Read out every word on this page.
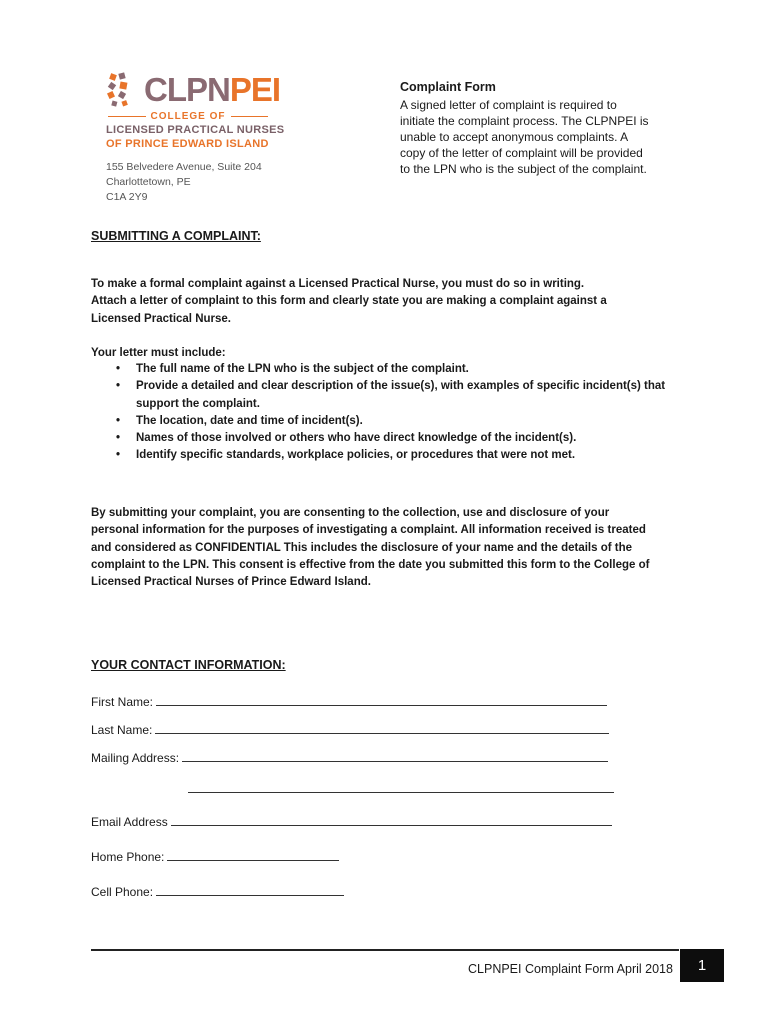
CLPNPEI
COLLEGE OF
LICENSED PRACTICAL NURSES
OF PRINCE EDWARD ISLAND
155 Belvedere Avenue, Suite 204
Charlottetown, PE
C1A 2Y9
Complaint Form
A signed letter of complaint is required to
initiate the complaint process. The CLPNPEI is
unable to accept anonymous complaints. A
copy of the letter of complaint will be provided
to the LPN who is the subject of the complaint.
SUBMITTING A COMPLAINT:
To make a formal complaint against a Licensed Practical Nurse, you must do so in writing.
Attach a letter of complaint to this form and clearly state you are making a complaint against a
Licensed Practical Nurse.
Your letter must include:
• The full name of the LPN who is the subject of the complaint.
• Provide a detailed and clear description of the issue(s), with examples of specific incident(s) that support the complaint.
• The location, date and time of incident(s).
• Names of those involved or others who have direct knowledge of the incident(s).
• Identify specific standards, workplace policies, or procedures that were not met.
By submitting your complaint, you are consenting to the collection, use and disclosure of your
personal information for the purposes of investigating a complaint. All information received is treated
and considered as CONFIDENTIAL This includes the disclosure of your name and the details of the
complaint to the LPN. This consent is effective from the date you submitted this form to the College of
Licensed Practical Nurses of Prince Edward Island.
YOUR CONTACT INFORMATION:
First Name:
Last Name:
Mailing Address:
Email Address
Home Phone:
Cell Phone:
CLPNPEI Complaint Form April 2018	1
